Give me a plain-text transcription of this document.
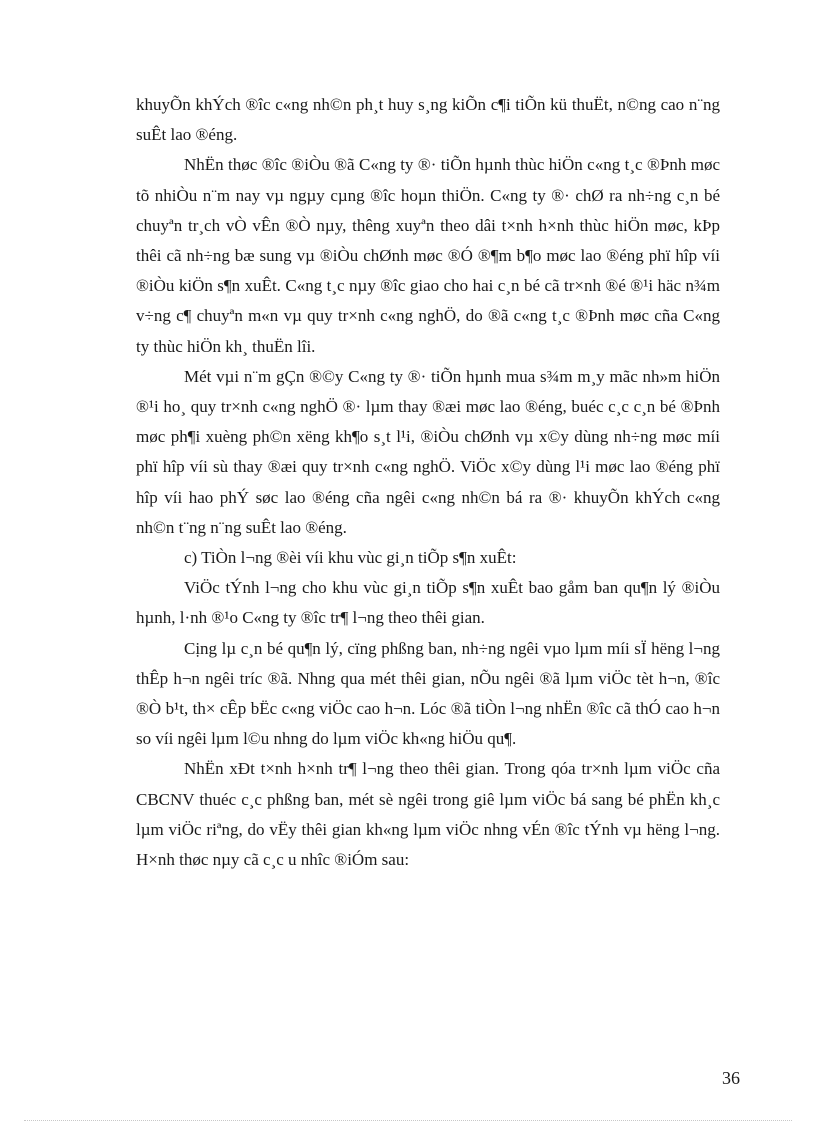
khuyÕn khÝch ®îc c«ng nh©n ph¸t huy s¸ng kiÕn c¶i tiÕn kü thuËt, n©ng cao n¨ng suÊt lao ®éng.

NhËn thøc ®îc ®iÒu ®ã C«ng ty ®· tiÕn hµnh thùc hiÖn c«ng t¸c ®Þnh møc tõ nhiÒu n¨m nay vµ ngµy cµng ®îc hoµn thiÖn. C«ng ty ®· chØ ra nh÷ng c¸n bé chuyªn tr¸ch vÒ vÊn ®Ò nµy, thêng xuyªn theo dâi t×nh h×nh thùc hiÖn møc, kÞp thêi cã nh÷ng bæ sung vµ ®iÒu chØnh møc ®Ó ®¶m b¶o møc lao ®éng phï hîp víi ®iÒu kiÖn s¶n xuÊt. C«ng t¸c nµy ®îc giao cho hai c¸n bé cã tr×nh ®é ®¹i häc n¾m v÷ng c¶ chuyªn m«n vµ quy tr×nh c«ng nghÖ, do ®ã c«ng t¸c ®Þnh møc cña C«ng ty thùc hiÖn kh¸ thuËn lîi.

Mét vµi n¨m gÇn ®©y C«ng ty ®· tiÕn hµnh mua s¾m m¸y mãc nh»m hiÖn ®¹i ho¸ quy tr×nh c«ng nghÖ ®· lµm thay ®æi møc lao ®éng, buéc c¸c c¸n bé ®Þnh møc ph¶i xuèng ph©n xëng kh¶o s¸t l¹i, ®iÒu chØnh vµ x©y dùng nh÷ng møc míi phï hîp víi sù thay ®æi quy tr×nh c«ng nghÖ. ViÖc x©y dùng l¹i møc lao ®éng phï hîp víi hao phÝ søc lao ®éng cña ngêi c«ng nh©n bá ra ®· khuyÕn khÝch c«ng nh©n t¨ng n¨ng suÊt lao ®éng.

c) TiÒn l¬ng ®èi víi khu vùc gi¸n tiÕp s¶n xuÊt:

ViÖc tÝnh l¬ng cho khu vùc gi¸n tiÕp s¶n xuÊt bao gåm ban qu¶n lý ®iÒu hµnh, l·nh ®¹o C«ng ty ®îc tr¶ l¬ng theo thêi gian.

Cịng lµ c¸n bé qu¶n lý, cïng phßng ban, nh÷ng ngêi vµo lµm míi sÏ hëng l¬ng thÊp h¬n ngêi tríc ®ã. Nhng qua mét thêi gian, nÕu ngêi ®ã lµm viÖc tèt h¬n, ®îc ®Ò b¹t, th× cÊp bËc c«ng viÖc cao h¬n. Lóc ®ã tiÒn l¬ng nhËn ®îc cã thÓ cao h¬n so víi ngêi lµm l©u nhng do lµm viÖc kh«ng hiÖu qu¶.

NhËn xÐt t×nh h×nh tr¶ l¬ng theo thêi gian. Trong qóa tr×nh lµm viÖc cña CBCNV thuéc c¸c phßng ban, mét sè ngêi trong giê lµm viÖc bá sang bé phËn kh¸c lµm viÖc riªng, do vËy thêi gian kh«ng lµm viÖc nhng vÉn ®îc tÝnh vµ hëng l¬ng. H×nh thøc nµy cã c¸c u nhîc ®iÓm sau:

36
